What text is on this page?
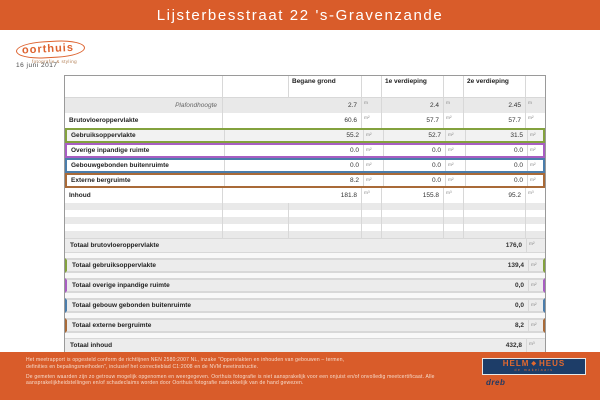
Lijsterbesstraat 22 's-Gravenzande
oorthuis
fotografie & styling
16 juni 2017
Begane grond	1e verdieping	2e verdieping
Plafondhoogte	2.7	m	2.4	m	2.45	m
Brutovloeroppervlakte	60.6	m²	57.7	m²	57.7	m²
Gebruiksoppervlakte	55.2	m²	52.7	m²	31.5	m²
Overige inpandige ruimte	0.0	m²	0.0	m²	0.0	m²
Gebouwgebonden buitenruimte	0.0	m²	0.0	m²	0.0	m²
Externe bergruimte	8.2	m²	0.0	m²	0.0	m²
Inhoud	181.8	m³	155.8	m³	95.2	m³
Totaal brutovloeroppervlakte	176,0	m²
Totaal gebruiksoppervlakte	139,4	m²
Totaal overige inpandige ruimte	0,0	m²
Totaal gebouw gebonden buitenruimte	0,0	m²
Totaal externe bergruimte	8,2	m²
Totaal inhoud	432,8	m³

Het meetrapport is opgesteld conform de richtlijnen NEN 2580:2007 NL, inzake "Oppervlakten en inhouden van gebouwen – termen, definities en bepalingsmethoden", inclusief het correctieblad C1:2008 en de NVM meetinstructie.

De gemeten waarden zijn zo getrouw mogelijk opgenomen en weergegeven. Oorthuis fotografie is niet aansprakelijk voor een onjuist en/of onvolledig meetcertificaat. Alle aansprakelijkheidstellingen en/of schadeclaims worden door Oorthuis fotografie nadrukkelijk van de hand gewezen.

HELM ◆ HEUS
de makelaars
dreb
